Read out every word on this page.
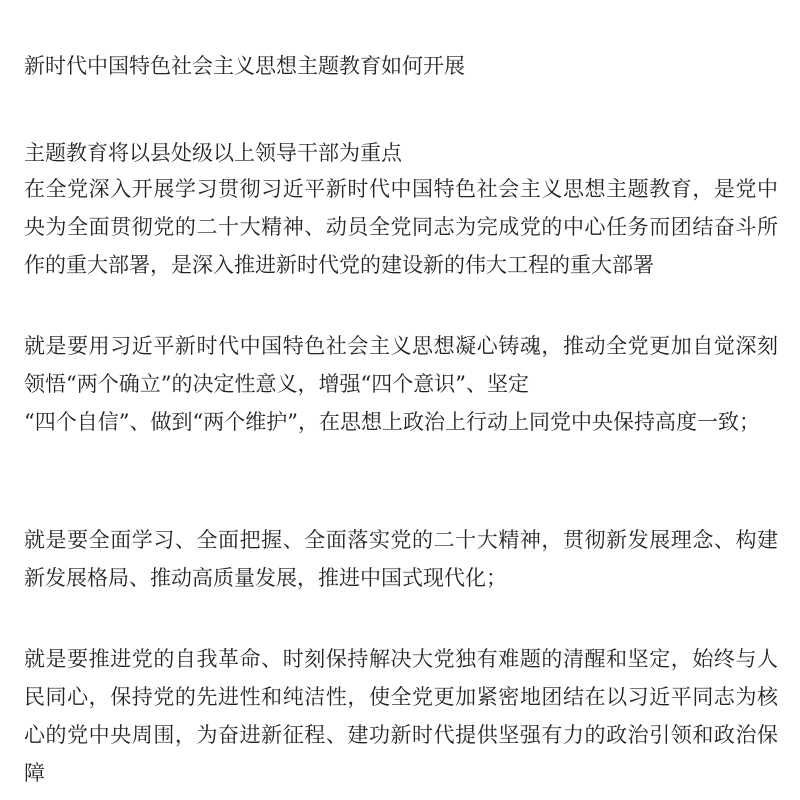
新时代中国特色社会主义思想主题教育如何开展
主题教育将以县处级以上领导干部为重点

在全党深入开展学习贯彻习近平新时代中国特色社会主义思想主题教育，是党中
央为全面贯彻党的二十大精神、动员全党同志为完成党的中心任务而团结奋斗所
作的重大部署，是深入推进新时代党的建设新的伟大工程的重大部署

就是要用习近平新时代中国特色社会主义思想凝心铸魂，推动全党更加自觉深刻
领悟“两个确立”的决定性意义，增强“四个意识”、坚定
“四个自信”、做到“两个维护”，在思想上政治上行动上同党中央保持高度一致；

就是要全面学习、全面把握、全面落实党的二十大精神，贯彻新发展理念、构建
新发展格局、推动高质量发展，推进中国式现代化；

就是要推进党的自我革命、时刻保持解决大党独有难题的清醒和坚定，始终与人
民同心，保持党的先进性和纯洁性，使全党更加紧密地团结在以习近平同志为核
心的党中央周围，为奋进新征程、建功新时代提供坚强有力的政治引领和政治保
障
